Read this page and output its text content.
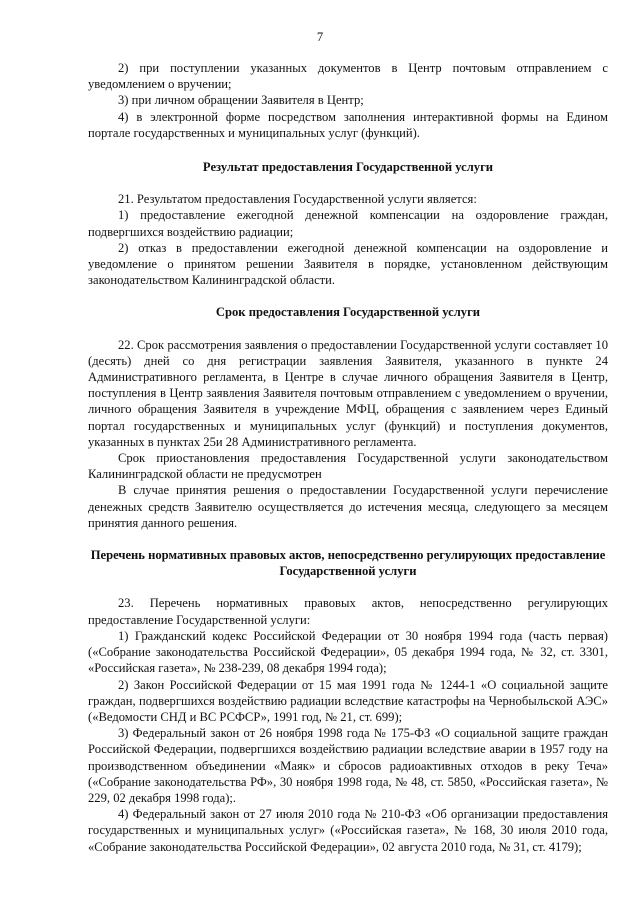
7

2) при поступлении указанных документов в Центр почтовым отправлением с уведомлением о вручении;

3) при личном обращении Заявителя в Центр;

4) в электронной форме посредством заполнения интерактивной формы на Едином портале государственных и муниципальных услуг (функций).

Результат предоставления Государственной услуги

21. Результатом предоставления Государственной услуги является:

1) предоставление ежегодной денежной компенсации на оздоровление граждан, подвергшихся воздействию радиации;

2) отказ в предоставлении ежегодной денежной компенсации на оздоровление и уведомление о принятом решении Заявителя в порядке, установленном действующим законодательством Калининградской области.

Срок предоставления Государственной услуги

22. Срок рассмотрения заявления о предоставлении Государственной услуги составляет 10 (десять) дней со дня регистрации заявления Заявителя, указанного в пункте 24 Административного регламента, в Центре в случае личного обращения Заявителя в Центр, поступления в Центр заявления Заявителя почтовым отправлением с уведомлением о вручении, личного обращения Заявителя в учреждение МФЦ, обращения с заявлением через Единый портал государственных и муниципальных услуг (функций) и поступления документов, указанных в пунктах 25и 28 Административного регламента.

Срок приостановления предоставления Государственной услуги законодательством Калининградской области не предусмотрен

В случае принятия решения о предоставлении Государственной услуги перечисление денежных средств Заявителю осуществляется до истечения месяца, следующего за месяцем принятия данного решения.

Перечень нормативных правовых актов, непосредственно регулирующих предоставление Государственной услуги

23. Перечень нормативных правовых актов, непосредственно регулирующих предоставление Государственной услуги:

1) Гражданский кодекс Российской Федерации от 30 ноября 1994 года (часть первая) («Собрание законодательства Российской Федерации», 05 декабря 1994 года, № 32, ст. 3301, «Российская газета», № 238-239, 08 декабря 1994 года);

2) Закон Российской Федерации от 15 мая 1991 года № 1244-1 «О социальной защите граждан, подвергшихся воздействию радиации вследствие катастрофы на Чернобыльской АЭС» («Ведомости СНД и ВС РСФСР», 1991 год, № 21, ст. 699);

3) Федеральный закон от 26 ноября 1998 года № 175-ФЗ «О социальной защите граждан Российской Федерации, подвергшихся воздействию радиации вследствие аварии в 1957 году на производственном объединении «Маяк» и сбросов радиоактивных отходов в реку Теча» («Собрание законодательства РФ», 30 ноября 1998 года, № 48, ст. 5850, «Российская газета», № 229, 02 декабря 1998 года);.

4) Федеральный закон от 27 июля 2010 года № 210-ФЗ «Об организации предоставления государственных и муниципальных услуг» («Российская газета», № 168, 30 июля 2010 года, «Собрание законодательства Российской Федерации», 02 августа 2010 года, № 31, ст. 4179);
